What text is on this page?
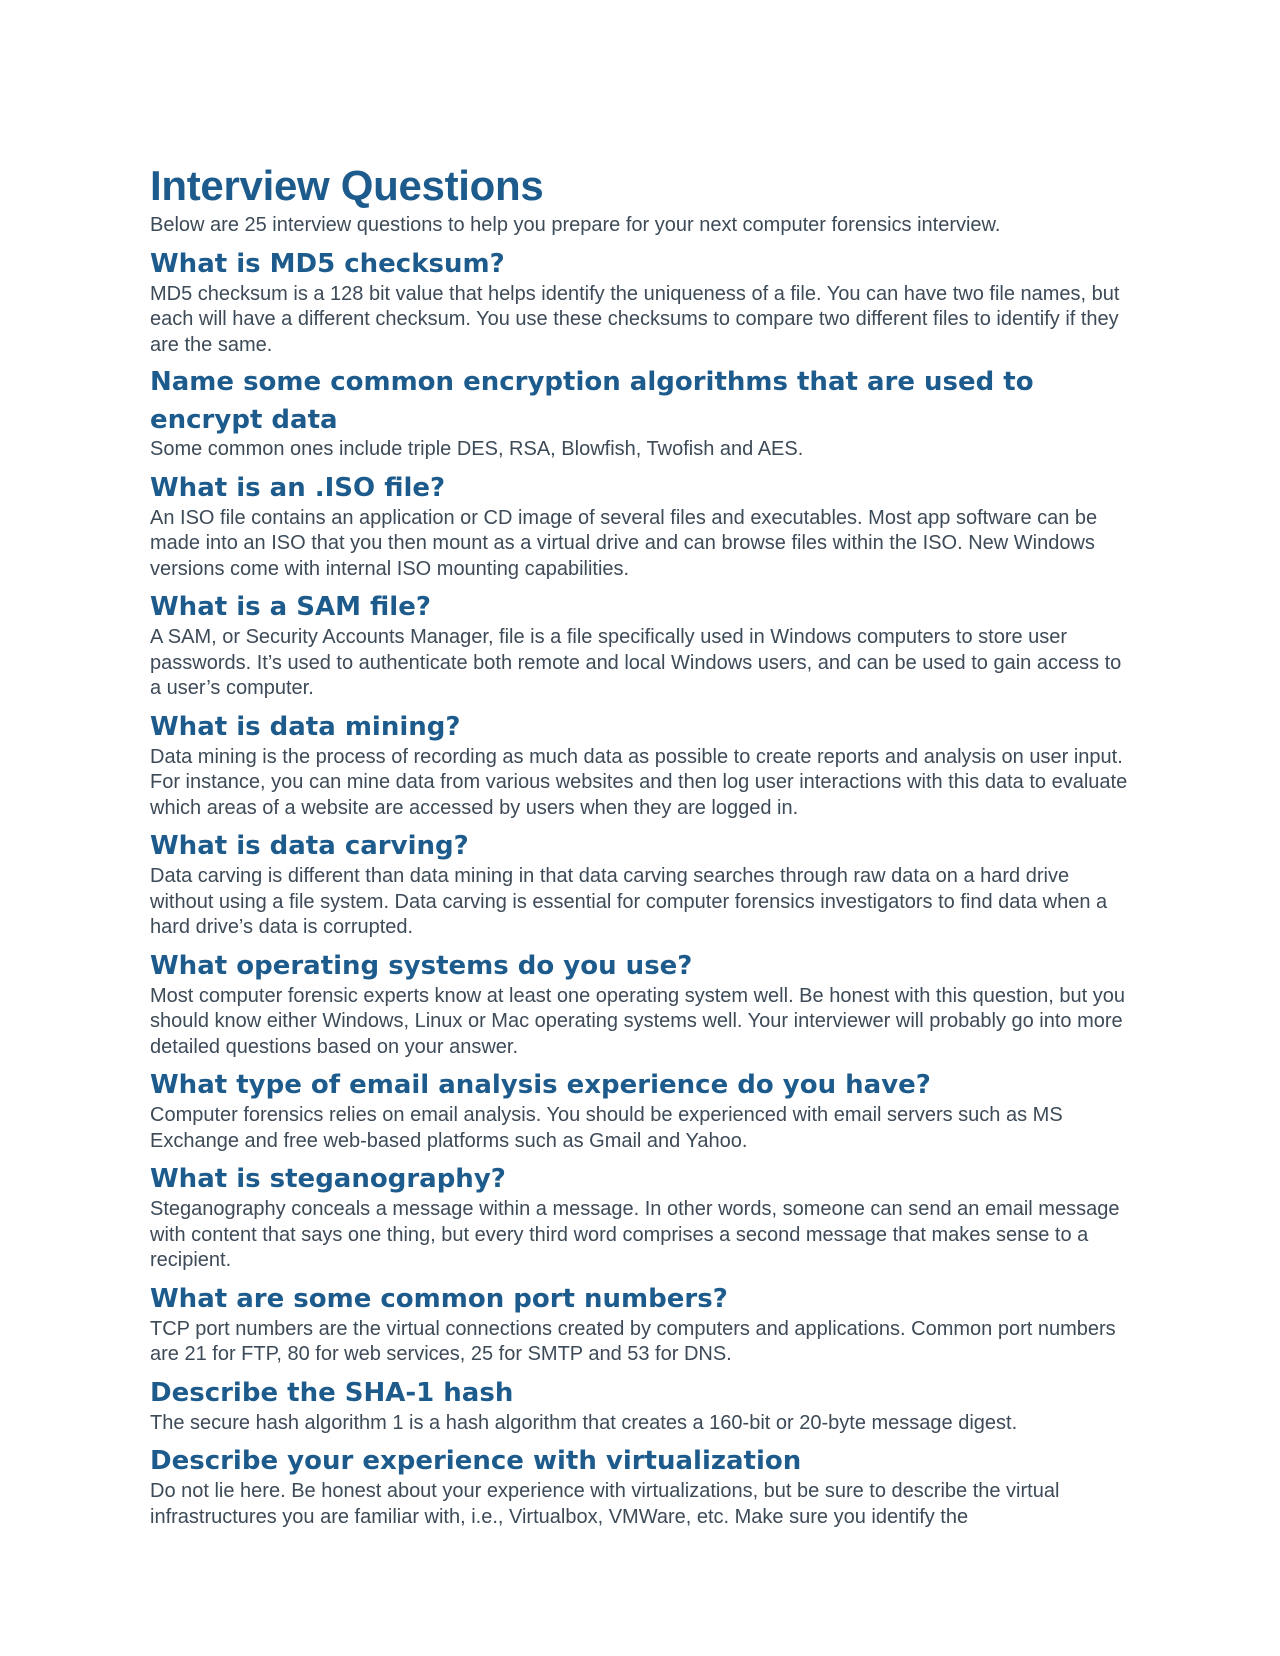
Interview Questions

Below are 25 interview questions to help you prepare for your next computer forensics interview.

What is MD5 checksum?

MD5 checksum is a 128 bit value that helps identify the uniqueness of a file. You can have two file names, but each will have a different checksum. You use these checksums to compare two different files to identify if they are the same.

Name some common encryption algorithms that are used to encrypt data

Some common ones include triple DES, RSA, Blowfish, Twofish and AES.

What is an .ISO file?

An ISO file contains an application or CD image of several files and executables. Most app software can be made into an ISO that you then mount as a virtual drive and can browse files within the ISO. New Windows versions come with internal ISO mounting capabilities.

What is a SAM file?

A SAM, or Security Accounts Manager, file is a file specifically used in Windows computers to store user passwords. It’s used to authenticate both remote and local Windows users, and can be used to gain access to a user’s computer.

What is data mining?

Data mining is the process of recording as much data as possible to create reports and analysis on user input. For instance, you can mine data from various websites and then log user interactions with this data to evaluate which areas of a website are accessed by users when they are logged in.

What is data carving?

Data carving is different than data mining in that data carving searches through raw data on a hard drive without using a file system. Data carving is essential for computer forensics investigators to find data when a hard drive’s data is corrupted.

What operating systems do you use?

Most computer forensic experts know at least one operating system well. Be honest with this question, but you should know either Windows, Linux or Mac operating systems well. Your interviewer will probably go into more detailed questions based on your answer.

What type of email analysis experience do you have?

Computer forensics relies on email analysis. You should be experienced with email servers such as MS Exchange and free web-based platforms such as Gmail and Yahoo.

What is steganography?

Steganography conceals a message within a message. In other words, someone can send an email message with content that says one thing, but every third word comprises a second message that makes sense to a recipient.

What are some common port numbers?

TCP port numbers are the virtual connections created by computers and applications. Common port numbers are 21 for FTP, 80 for web services, 25 for SMTP and 53 for DNS.

Describe the SHA-1 hash

The secure hash algorithm 1 is a hash algorithm that creates a 160-bit or 20-byte message digest.

Describe your experience with virtualization

Do not lie here. Be honest about your experience with virtualizations, but be sure to describe the virtual infrastructures you are familiar with, i.e., Virtualbox, VMWare, etc. Make sure you identify the
